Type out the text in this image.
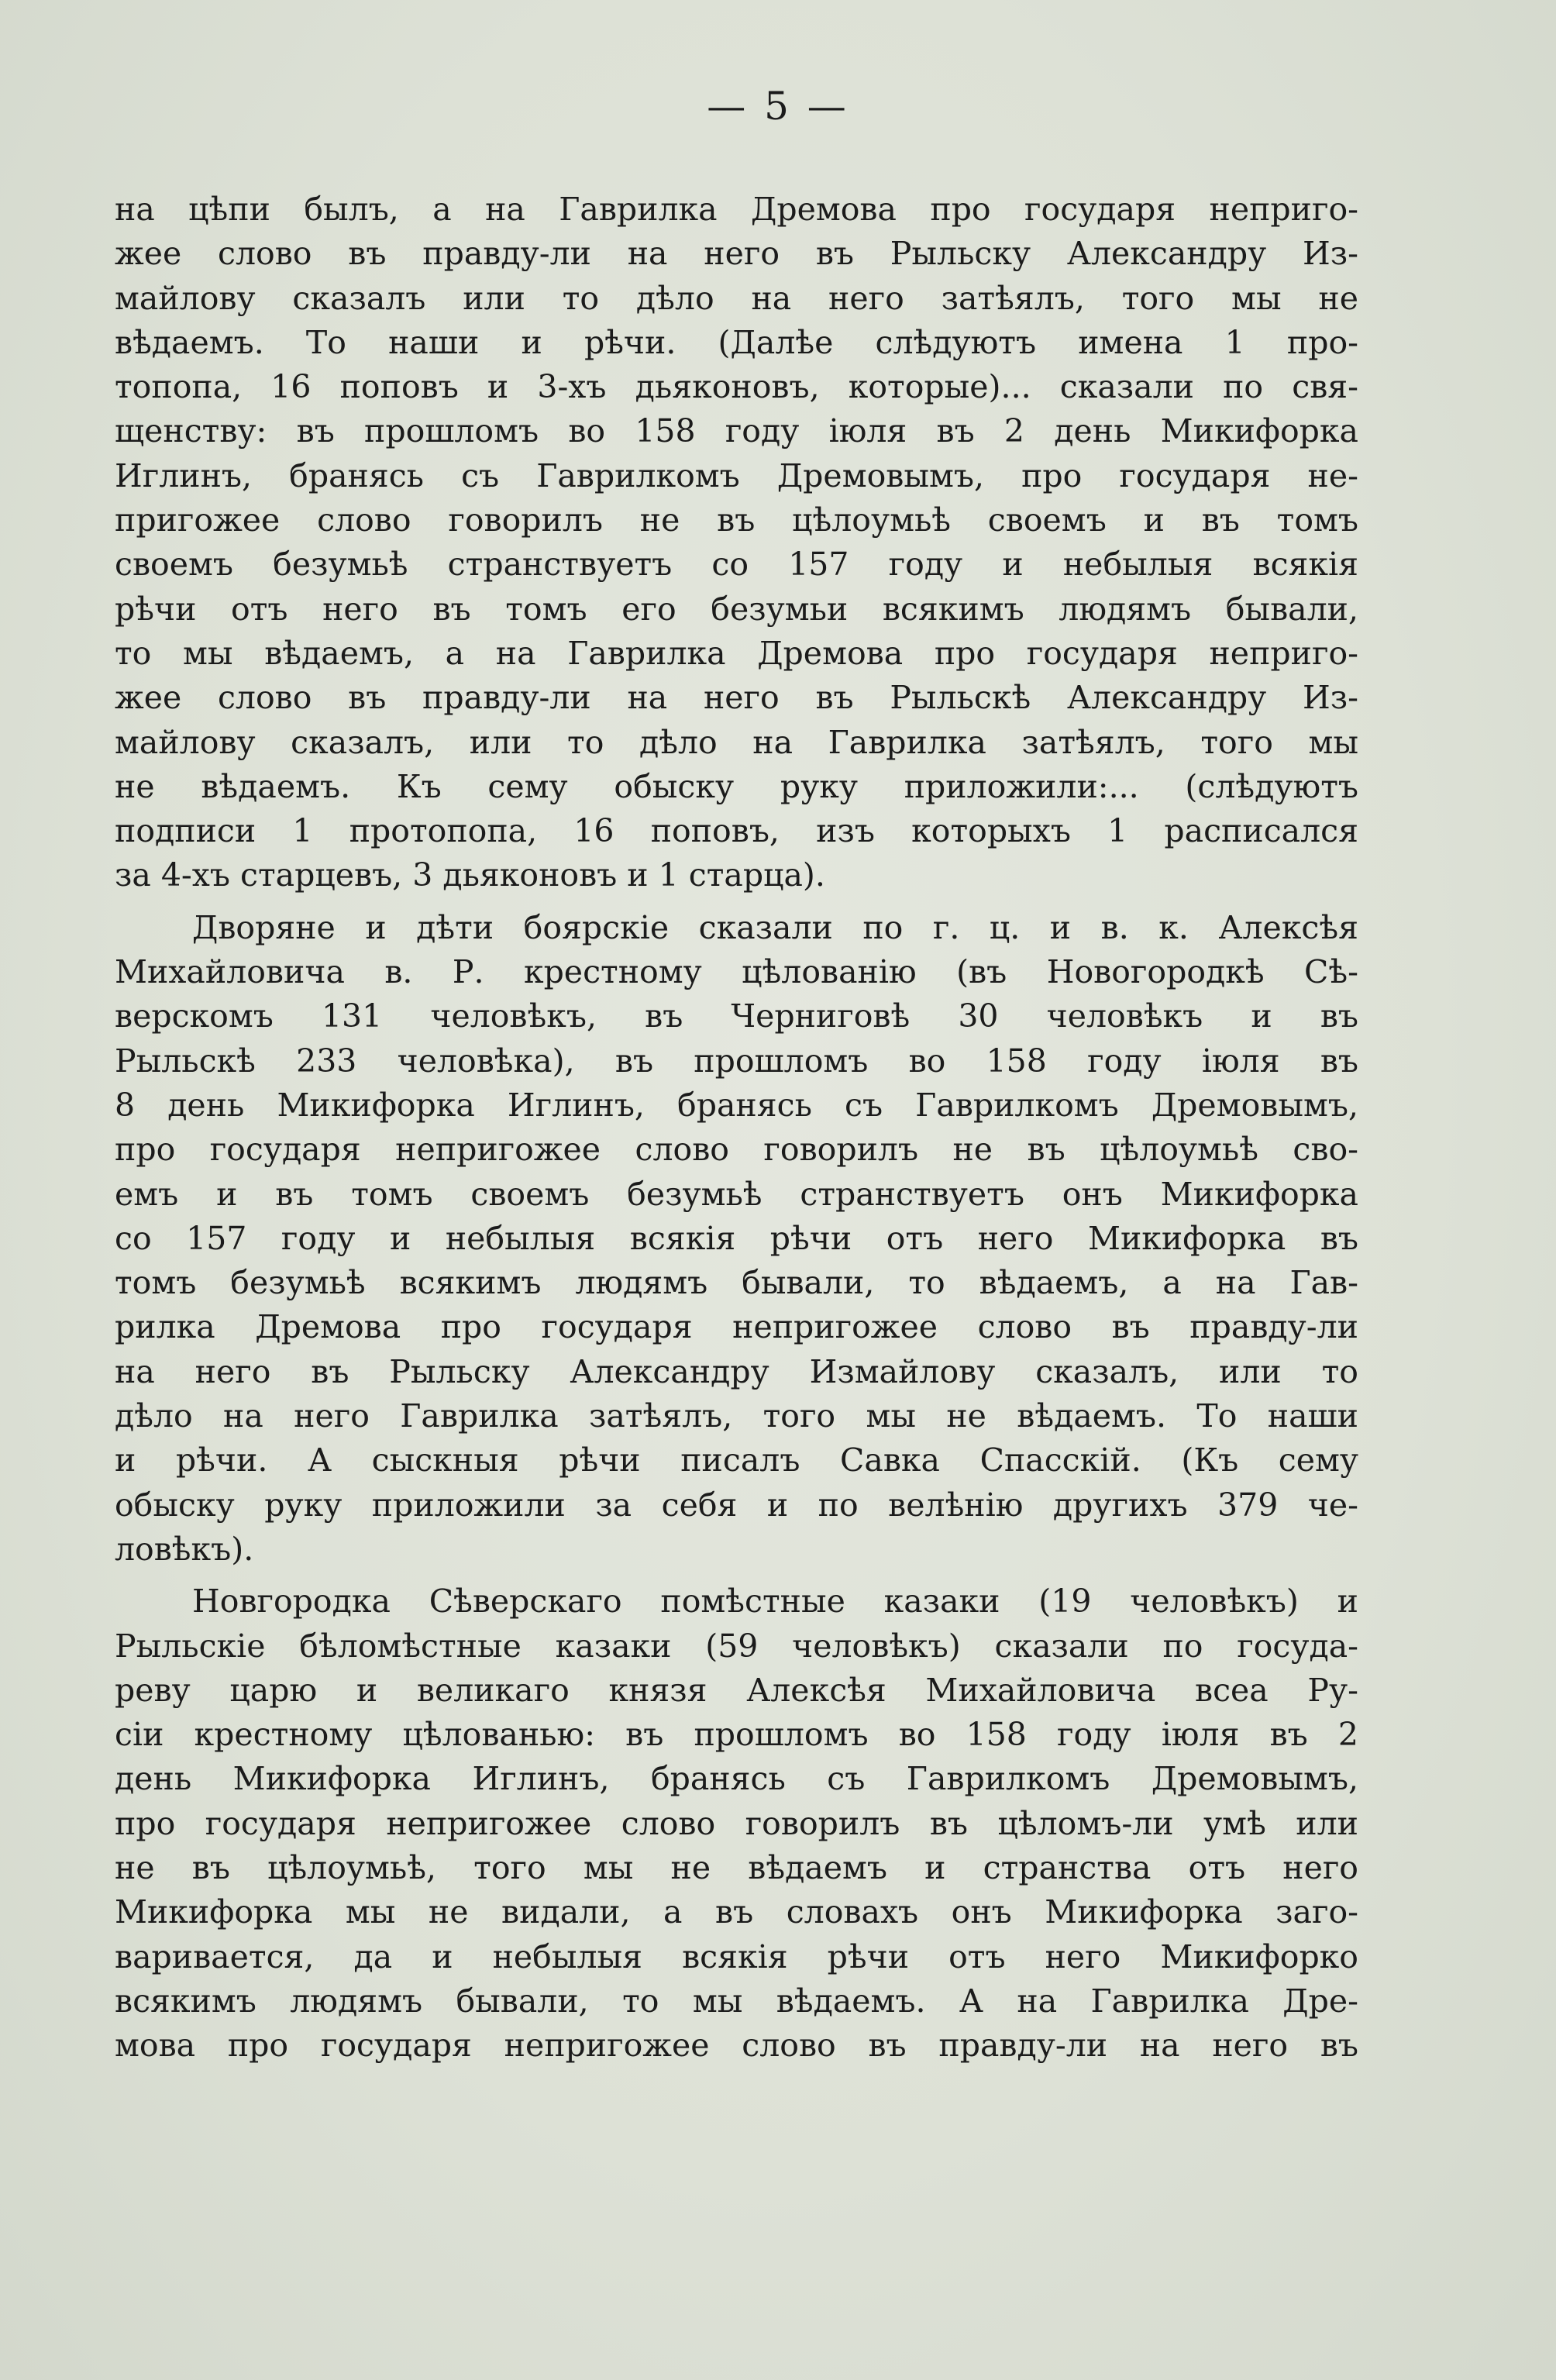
— 5 —
на цѣпи былъ, а на Гаврилка Дремова про государя неприго-
жее слово въ правду-ли на него въ Рыльску Александру Из-
майлову сказалъ или то дѣло на него затѣялъ, того мы не
вѣдаемъ. То наши и рѣчи. (Далѣе слѣдуютъ имена 1 про-
топопа, 16 поповъ и 3-хъ дьяконовъ, которые)... сказали по свя-
щенству: въ прошломъ во 158 году іюля въ 2 день Микифорка
Иглинъ, бранясь съ Гаврилкомъ Дремовымъ, про государя не-
пригожее слово говорилъ не въ цѣлоумьѣ своемъ и въ томъ
своемъ безумьѣ странствуетъ со 157 году и небылыя всякія
рѣчи отъ него въ томъ его безумьи всякимъ людямъ бывали,
то мы вѣдаемъ, а на Гаврилка Дремова про государя неприго-
жее слово въ правду-ли на него въ Рыльскѣ Александру Из-
майлову сказалъ, или то дѣло на Гаврилка затѣялъ, того мы
не вѣдаемъ. Къ сему обыску руку приложили:... (слѣдуютъ
подписи 1 протопопа, 16 поповъ, изъ которыхъ 1 расписался
за 4-хъ старцевъ, 3 дьяконовъ и 1 старца).
Дворяне и дѣти боярскіе сказали по г. ц. и в. к. Алексѣя
Михайловича в. Р. крестному цѣлованію (въ Новогородкѣ Сѣ-
верскомъ 131 человѣкъ, въ Черниговѣ 30 человѣкъ и въ
Рыльскѣ 233 человѣка), въ прошломъ во 158 году іюля въ
8 день Микифорка Иглинъ, бранясь съ Гаврилкомъ Дремовымъ,
про государя непригожее слово говорилъ не въ цѣлоумьѣ сво-
емъ и въ томъ своемъ безумьѣ странствуетъ онъ Микифорка
со 157 году и небылыя всякія рѣчи отъ него Микифорка въ
томъ безумьѣ всякимъ людямъ бывали, то вѣдаемъ, а на Гав-
рилка Дремова про государя непригожее слово въ правду-ли
на него въ Рыльску Александру Измайлову сказалъ, или то
дѣло на него Гаврилка затѣялъ, того мы не вѣдаемъ. То наши
и рѣчи. А сыскныя рѣчи писалъ Савка Спасскій. (Къ сему
обыску руку приложили за себя и по велѣнію другихъ 379 че-
ловѣкъ).
Новгородка Сѣверскаго помѣстные казаки (19 человѣкъ) и
Рыльскіе бѣломѣстные казаки (59 человѣкъ) сказали по госуда-
реву царю и великаго князя Алексѣя Михайловича всеа Ру-
сіи крестному цѣлованью: въ прошломъ во 158 году іюля въ 2
день Микифорка Иглинъ, бранясь съ Гаврилкомъ Дремовымъ,
про государя непригожее слово говорилъ въ цѣломъ-ли умѣ или
не въ цѣлоумьѣ, того мы не вѣдаемъ и странства отъ него
Микифорка мы не видали, а въ словахъ онъ Микифорка заго-
варивается, да и небылыя всякія рѣчи отъ него Микифорко
всякимъ людямъ бывали, то мы вѣдаемъ. А на Гаврилка Дре-
мова про государя непригожее слово въ правду-ли на него въ
